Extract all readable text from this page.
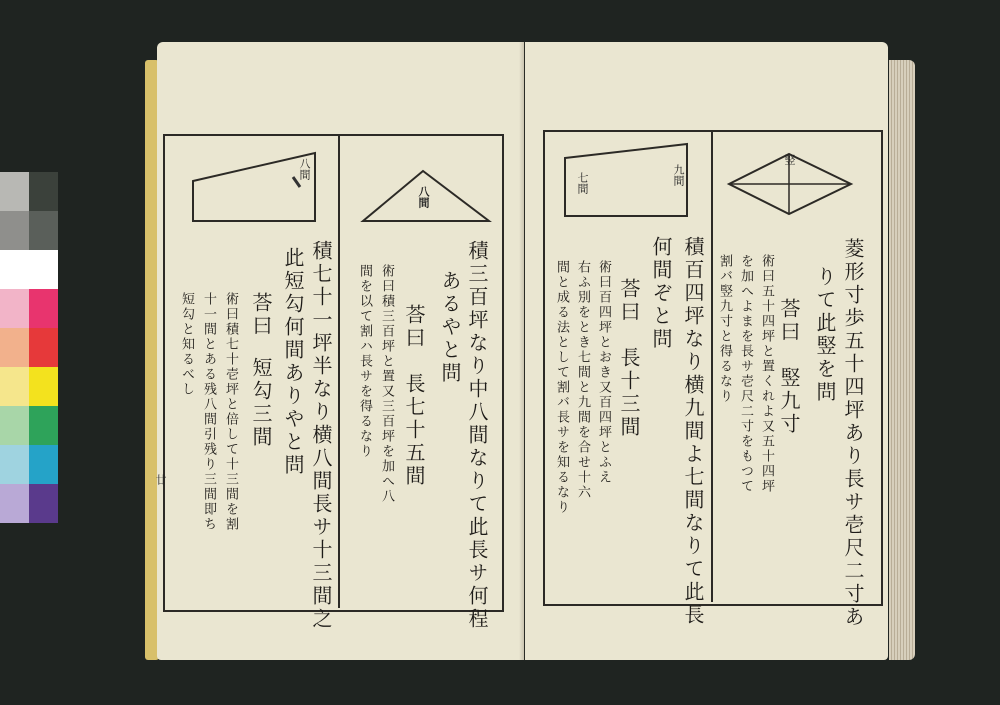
八間
八間
積三百坪なり中八間なりて此長サ何程
あるやと問
荅曰　長七十五間
術曰積三百坪と置又三百坪を加へ八
間を以て割ハ長サを得るなり
積七十一坪半なり横八間長サ十三間之
此短勾何間ありやと問
荅曰
短勾三間
術曰積七十壱坪と倍して十三間を割
十一間とある残八間引残り三間即ち
短勾と知るべし
廿
七間	九間
竪
菱形寸歩五十四坪あり長サ壱尺二寸あ
りて此竪を問
荅曰　竪九寸
術曰五十四坪と置くれよ又五十四坪
を加へよまを長サ壱尺二寸をもつて
割バ竪九寸と得るなり
積百四坪なり横九間よ七間なりて此長
何間ぞと問
荅曰　長十三間
術曰百四坪とおき又百四坪とふえ
右ふ別をとき七間と九間を合せ十六
間と成る法として割バ長サを知るなり
